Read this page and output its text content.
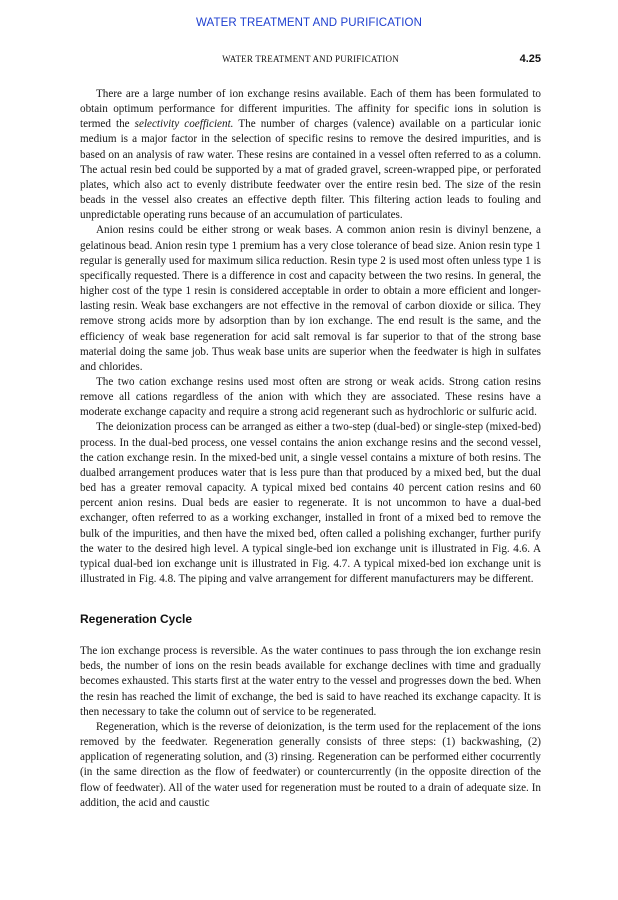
WATER TREATMENT AND PURIFICATION
WATER TREATMENT AND PURIFICATION	4.25

There are a large number of ion exchange resins available. Each of them has been formulated to obtain optimum performance for different impurities. The affinity for specific ions in solution is termed the selectivity coefficient. The number of charges (valence) available on a particular ionic medium is a major factor in the selection of specific resins to remove the desired impurities, and is based on an analysis of raw water. These resins are contained in a vessel often referred to as a column. The actual resin bed could be supported by a mat of graded gravel, screen-wrapped pipe, or perforated plates, which also act to evenly distribute feedwater over the entire resin bed. The size of the resin beads in the vessel also creates an effective depth filter. This filtering action leads to fouling and unpredictable operating runs because of an accumulation of particulates.

Anion resins could be either strong or weak bases. A common anion resin is divinyl benzene, a gelatinous bead. Anion resin type 1 premium has a very close tolerance of bead size. Anion resin type 1 regular is generally used for maximum silica reduction. Resin type 2 is used most often unless type 1 is specifically requested. There is a difference in cost and capacity between the two resins. In general, the higher cost of the type 1 resin is considered acceptable in order to obtain a more efficient and longer-lasting resin. Weak base exchangers are not effective in the removal of carbon dioxide or silica. They remove strong acids more by adsorption than by ion exchange. The end result is the same, and the efficiency of weak base regeneration for acid salt removal is far superior to that of the strong base material doing the same job. Thus weak base units are superior when the feedwater is high in sulfates and chlorides.

The two cation exchange resins used most often are strong or weak acids. Strong cation resins remove all cations regardless of the anion with which they are associated. These resins have a moderate exchange capacity and require a strong acid regenerant such as hydrochloric or sulfuric acid.

The deionization process can be arranged as either a two-step (dual-bed) or single-step (mixed-bed) process. In the dual-bed process, one vessel contains the anion exchange resins and the second vessel, the cation exchange resin. In the mixed-bed unit, a single vessel contains a mixture of both resins. The dualbed arrangement produces water that is less pure than that produced by a mixed bed, but the dual bed has a greater removal capacity. A typical mixed bed contains 40 percent cation resins and 60 percent anion resins. Dual beds are easier to regenerate. It is not uncommon to have a dual-bed exchanger, often referred to as a working exchanger, installed in front of a mixed bed to remove the bulk of the impurities, and then have the mixed bed, often called a polishing exchanger, further purify the water to the desired high level. A typical single-bed ion exchange unit is illustrated in Fig. 4.6. A typical dual-bed ion exchange unit is illustrated in Fig. 4.7. A typical mixed-bed ion exchange unit is illustrated in Fig. 4.8. The piping and valve arrangement for different manufacturers may be different.

Regeneration Cycle

The ion exchange process is reversible. As the water continues to pass through the ion exchange resin beds, the number of ions on the resin beads available for exchange declines with time and gradually becomes exhausted. This starts first at the water entry to the vessel and progresses down the bed. When the resin has reached the limit of exchange, the bed is said to have reached its exchange capacity. It is then necessary to take the column out of service to be regenerated.

Regeneration, which is the reverse of deionization, is the term used for the replacement of the ions removed by the feedwater. Regeneration generally consists of three steps: (1) backwashing, (2) application of regenerating solution, and (3) rinsing. Regeneration can be performed either cocurrently (in the same direction as the flow of feedwater) or countercurrently (in the opposite direction of the flow of feedwater). All of the water used for regeneration must be routed to a drain of adequate size. In addition, the acid and caustic
